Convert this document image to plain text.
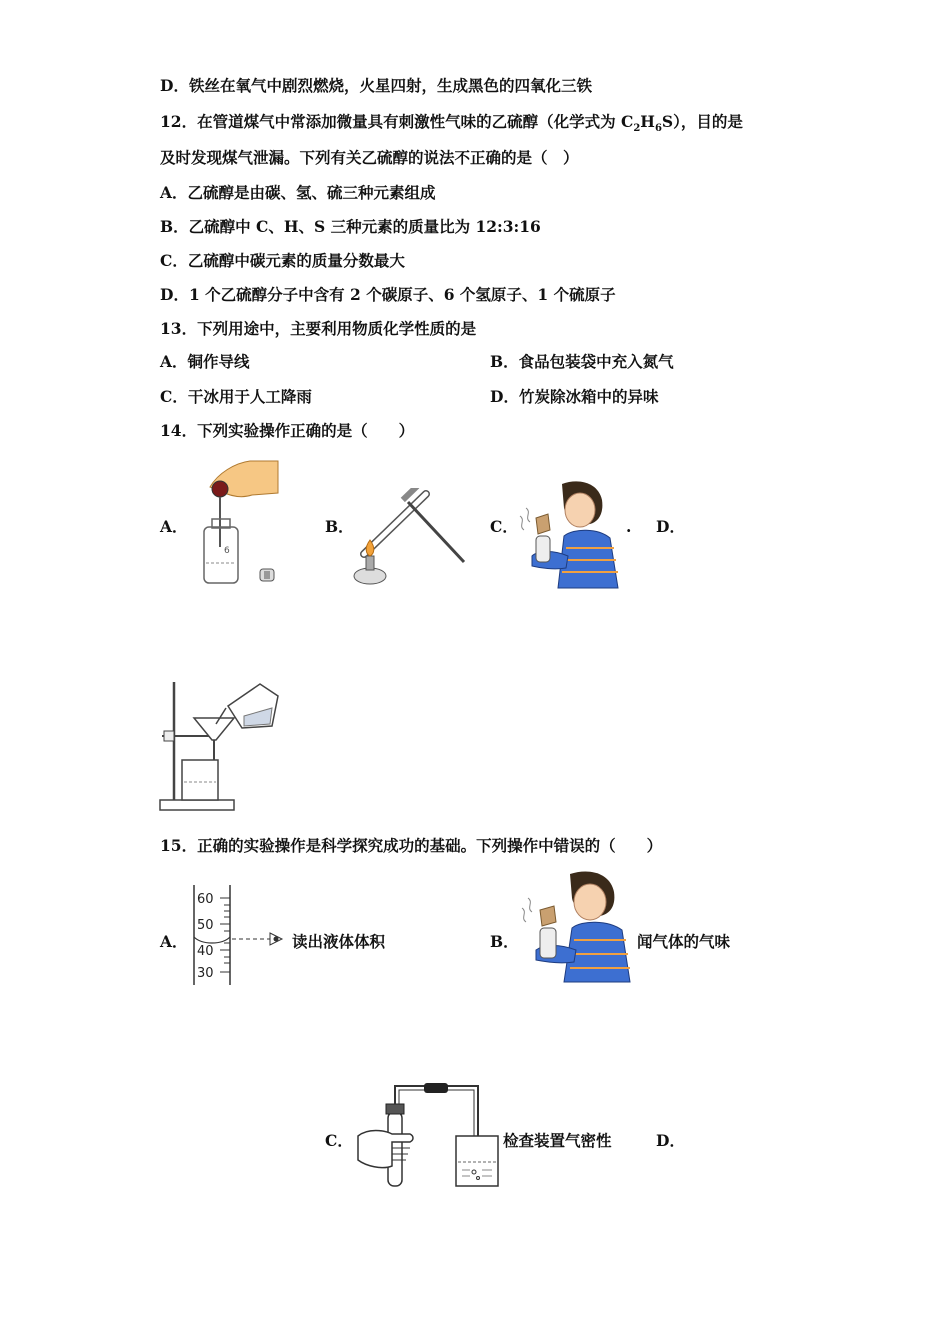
D．铁丝在氧气中剧烈燃烧，火星四射，生成黑色的四氧化三铁
12．在管道煤气中常添加微量具有刺激性气味的乙硫醇（化学式为 $C_2H_6S$），目的是
及时发现煤气泄漏。下列有关乙硫醇的说法不正确的是（　）
A．乙硫醇是由碳、氢、硫三种元素组成
B．乙硫醇中 C、H、S 三种元素的质量比为 12:3:16
C．乙硫醇中碳元素的质量分数最大
D．1 个乙硫醇分子中含有 2 个碳原子、6 个氢原子、1 个硫原子
13．下列用途中，主要利用物质化学性质的是
A．铜作导线	B．食品包装袋中充入氮气
C．干冰用于人工降雨	D．竹炭除冰箱中的异味
14．下列实验操作正确的是（　　）
A．	B．	C．	. D．
6
15．正确的实验操作是科学探究成功的基础。下列操作中错误的（　　）
A．
60
50
40
30
读出液体体积	B．	闻气体的气味
C．	检查装置气密性	D．
